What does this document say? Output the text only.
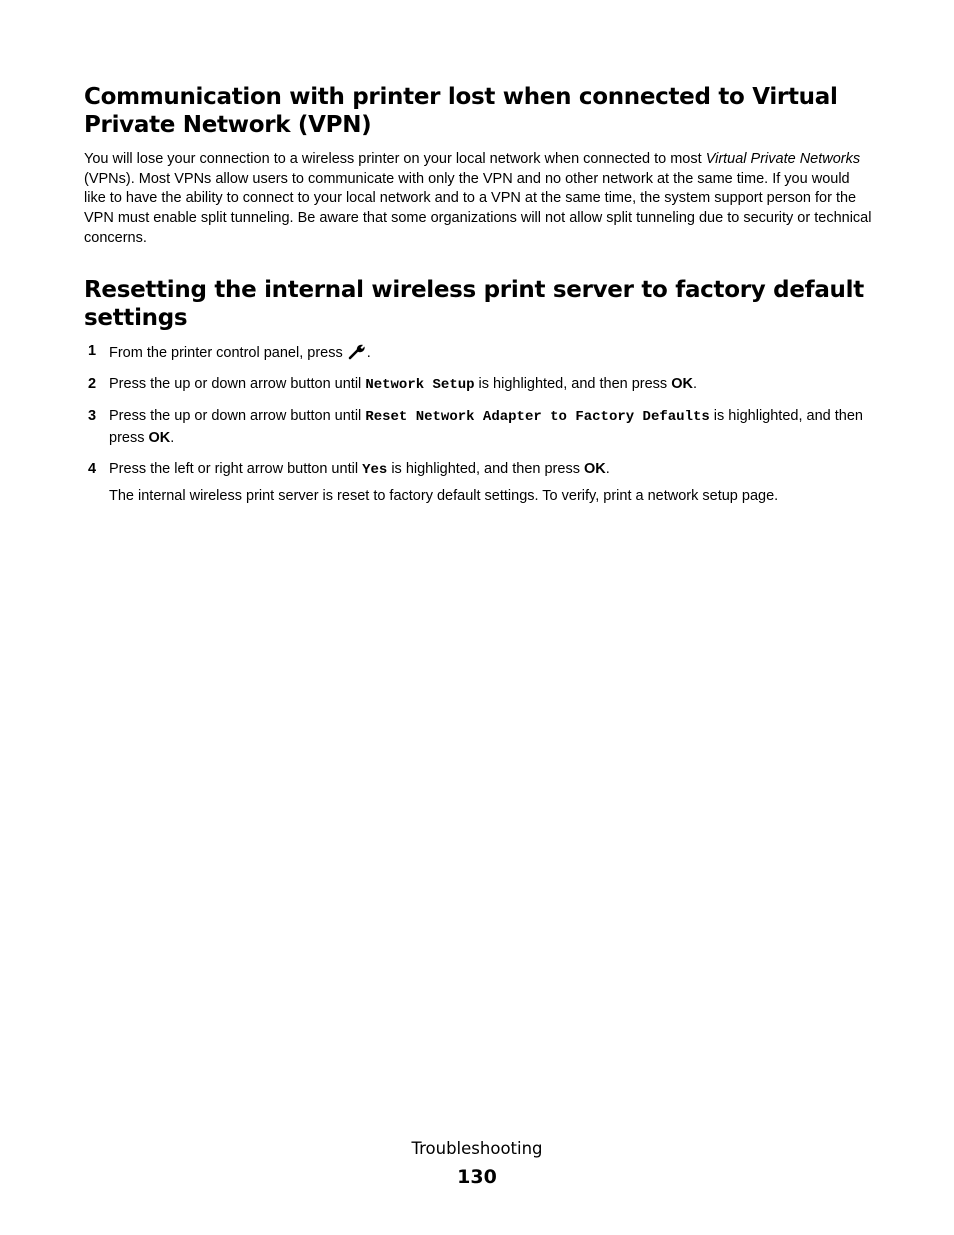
Communication with printer lost when connected to Virtual Private Network (VPN)

You will lose your connection to a wireless printer on your local network when connected to most Virtual Private Networks (VPNs). Most VPNs allow users to communicate with only the VPN and no other network at the same time. If you would like to have the ability to connect to your local network and to a VPN at the same time, the system support person for the VPN must enable split tunneling. Be aware that some organizations will not allow split tunneling due to security or technical concerns.

Resetting the internal wireless print server to factory default settings
1 From the printer control panel, press .
2 Press the up or down arrow button until Network Setup is highlighted, and then press OK.
3 Press the up or down arrow button until Reset Network Adapter to Factory Defaults is highlighted, and then press OK.
4 Press the left or right arrow button until Yes is highlighted, and then press OK.
The internal wireless print server is reset to factory default settings. To verify, print a network setup page.
Troubleshooting
130
